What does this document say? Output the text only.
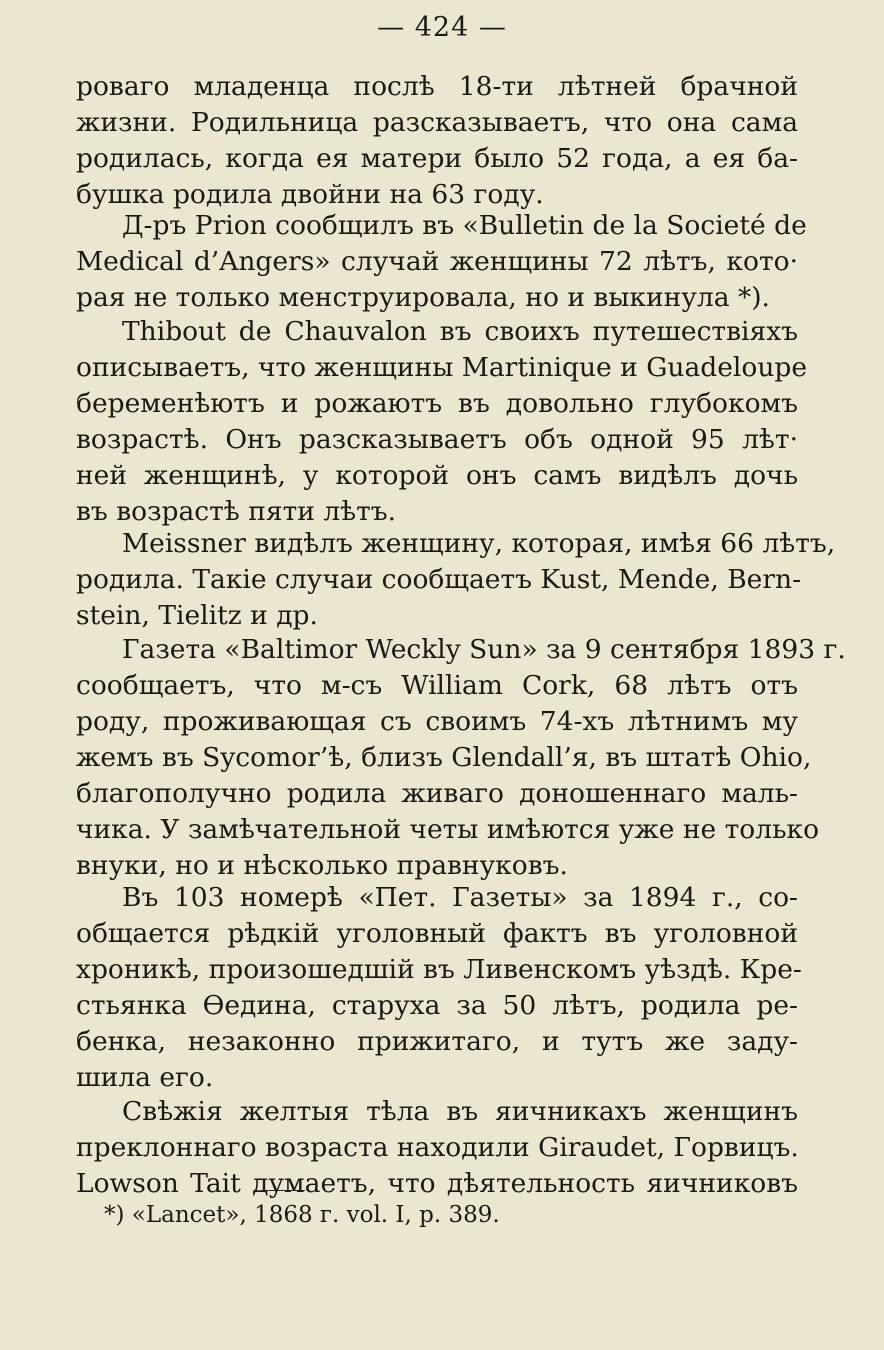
— 424 —
роваго младенца послѣ 18-ти лѣтней брачной
жизни. Родильница разсказываетъ, что она сама
родилась, когда ея матери было 52 года, а ея ба-
бушка родила двойни на 63 году.
Д-ръ Prion сообщилъ въ «Bulletin de la Societé de
Medical d’Angers» случай женщины 72 лѣтъ, кото·
рая не только менструировала, но и выкинула *).
Thibout de Chauvalon въ своихъ путешествіяхъ
описываетъ, что женщины Martinique и Guadeloupe
беременѣютъ и рожаютъ въ довольно глубокомъ
возрастѣ. Онъ разсказываетъ объ одной 95 лѣт·
ней женщинѣ, у которой онъ самъ видѣлъ дочь
въ возрастѣ пяти лѣтъ.
Meissner видѣлъ женщину, которая, имѣя 66 лѣтъ,
родила. Такіе случаи сообщаетъ Kust, Mende, Bern-
stein, Tielitz и др.
Газета «Baltimor Weckly Sun» за 9 сентября 1893 г.
сообщаетъ, что м-съ William Cork, 68 лѣтъ отъ
роду, проживающая съ своимъ 74-хъ лѣтнимъ му
жемъ въ Sycomor’ѣ, близъ Glendall’я, въ штатѣ Ohio,
благополучно родила живаго доношеннаго маль-
чика. У замѣчательной четы имѣются уже не только
внуки, но и нѣсколько правнуковъ.
Въ 103 номерѣ «Пет. Газеты» за 1894 г., со-
общается рѣдкій уголовный фактъ въ уголовной
хроникѣ, произошедшій въ Ливенскомъ уѣздѣ. Кре-
стьянка Ѳедина, старуха за 50 лѣтъ, родила ре-
бенка, незаконно прижитаго, и тутъ же заду-
шила его.
Свѣжія желтыя тѣла въ яичникахъ женщинъ
преклоннаго возраста находили Giraudet, Горвицъ.
Lowson Tait думаетъ, что дѣятельность яичниковъ
*) «Lancet», 1868 г. vol. I, p. 389.
